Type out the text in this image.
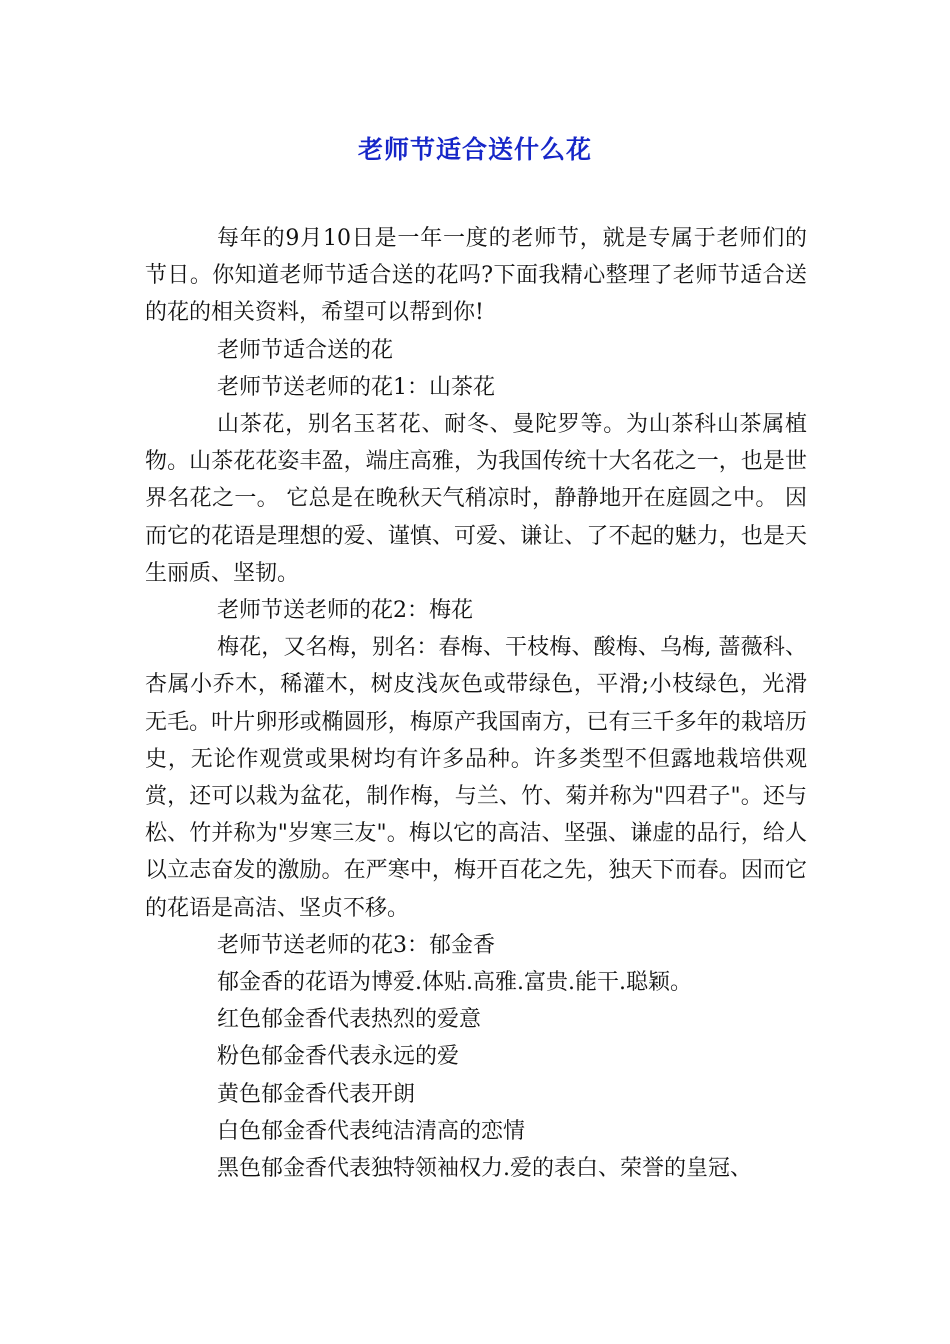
老师节适合送什么花

每年的9月10日是一年一度的老师节，就是专属于老师们的节日。你知道老师节适合送的花吗?下面我精心整理了老师节适合送的花的相关资料，希望可以帮到你!

老师节适合送的花

老师节送老师的花1：山茶花

山茶花，别名玉茗花、耐冬、曼陀罗等。为山茶科山茶属植物。山茶花花姿丰盈，端庄高雅，为我国传统十大名花之一，也是世界名花之一。 它总是在晚秋天气稍凉时，静静地开在庭圆之中。 因而它的花语是理想的爱、谨慎、可爱、谦让、了不起的魅力，也是天生丽质、坚韧。

老师节送老师的花2：梅花

梅花，又名梅，别名：春梅、干枝梅、酸梅、乌梅, 蔷薇科、杏属小乔木，稀灌木，树皮浅灰色或带绿色，平滑;小枝绿色，光滑无毛。叶片卵形或椭圆形，梅原产我国南方，已有三千多年的栽培历史，无论作观赏或果树均有许多品种。许多类型不但露地栽培供观赏，还可以栽为盆花，制作梅，与兰、竹、菊并称为"四君子"。还与松、竹并称为"岁寒三友"。梅以它的高洁、坚强、谦虚的品行，给人以立志奋发的激励。在严寒中，梅开百花之先，独天下而春。因而它的花语是高洁、坚贞不移。

老师节送老师的花3：郁金香

郁金香的花语为博爱.体贴.高雅.富贵.能干.聪颖。

红色郁金香代表热烈的爱意

粉色郁金香代表永远的爱

黄色郁金香代表开朗

白色郁金香代表纯洁清高的恋情

黑色郁金香代表独特领袖权力.爱的表白、荣誉的皇冠、
